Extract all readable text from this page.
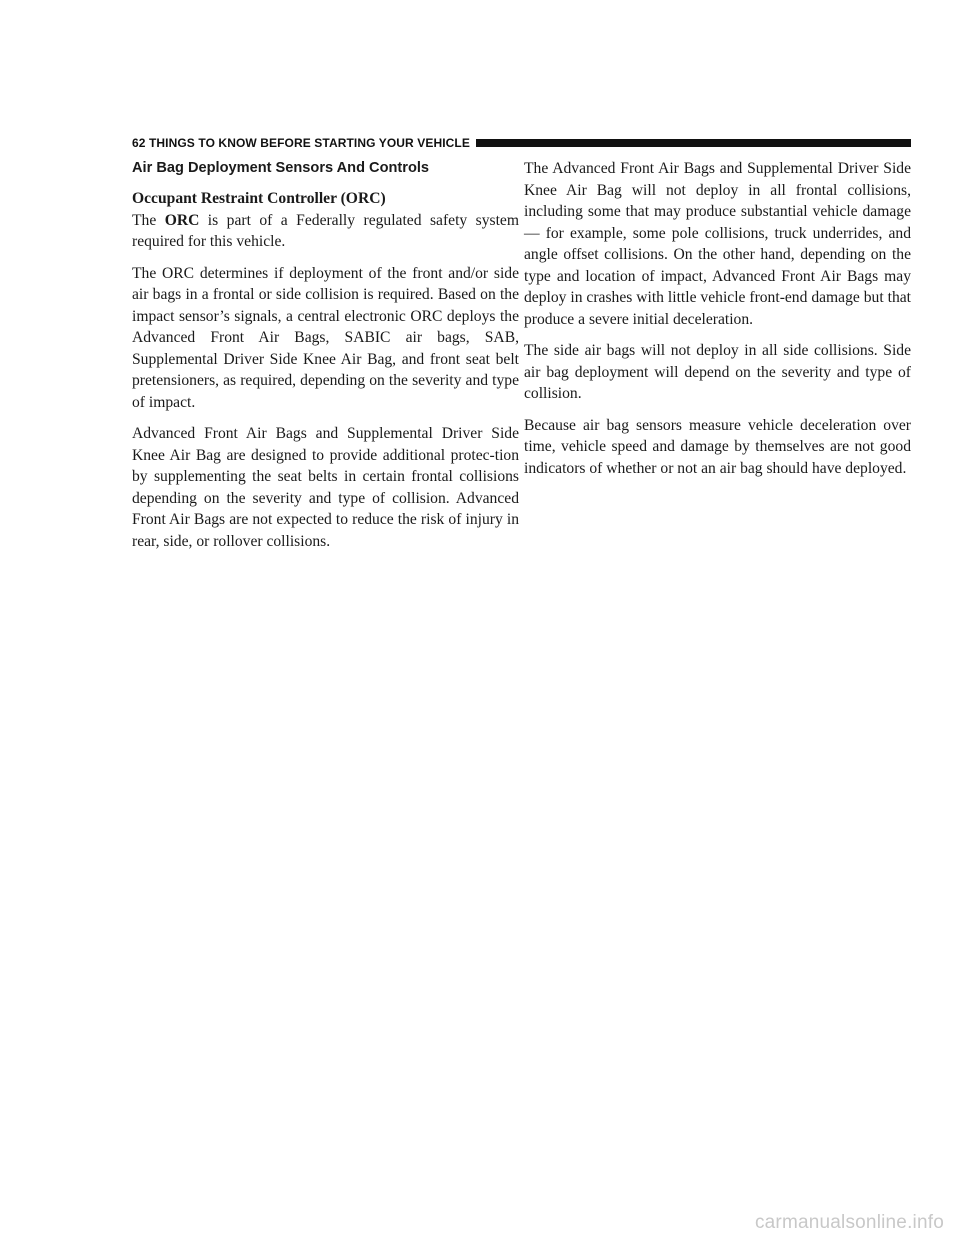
62 THINGS TO KNOW BEFORE STARTING YOUR VEHICLE
Air Bag Deployment Sensors And Controls
Occupant Restraint Controller (ORC)

The ORC is part of a Federally regulated safety system required for this vehicle.

The ORC determines if deployment of the front and/or side air bags in a frontal or side collision is required. Based on the impact sensor’s signals, a central electronic ORC deploys the Advanced Front Air Bags, SABIC air bags, SAB, Supplemental Driver Side Knee Air Bag, and front seat belt pretensioners, as required, depending on the severity and type of impact.

Advanced Front Air Bags and Supplemental Driver Side Knee Air Bag are designed to provide additional protec-tion by supplementing the seat belts in certain frontal collisions depending on the severity and type of collision. Advanced Front Air Bags are not expected to reduce the risk of injury in rear, side, or rollover collisions.

The Advanced Front Air Bags and Supplemental Driver Side Knee Air Bag will not deploy in all frontal collisions, including some that may produce substantial vehicle damage — for example, some pole collisions, truck underrides, and angle offset collisions. On the other hand, depending on the type and location of impact, Advanced Front Air Bags may deploy in crashes with little vehicle front-end damage but that produce a severe initial deceleration.

The side air bags will not deploy in all side collisions. Side air bag deployment will depend on the severity and type of collision.

Because air bag sensors measure vehicle deceleration over time, vehicle speed and damage by themselves are not good indicators of whether or not an air bag should have deployed.

carmanualsonline.info
